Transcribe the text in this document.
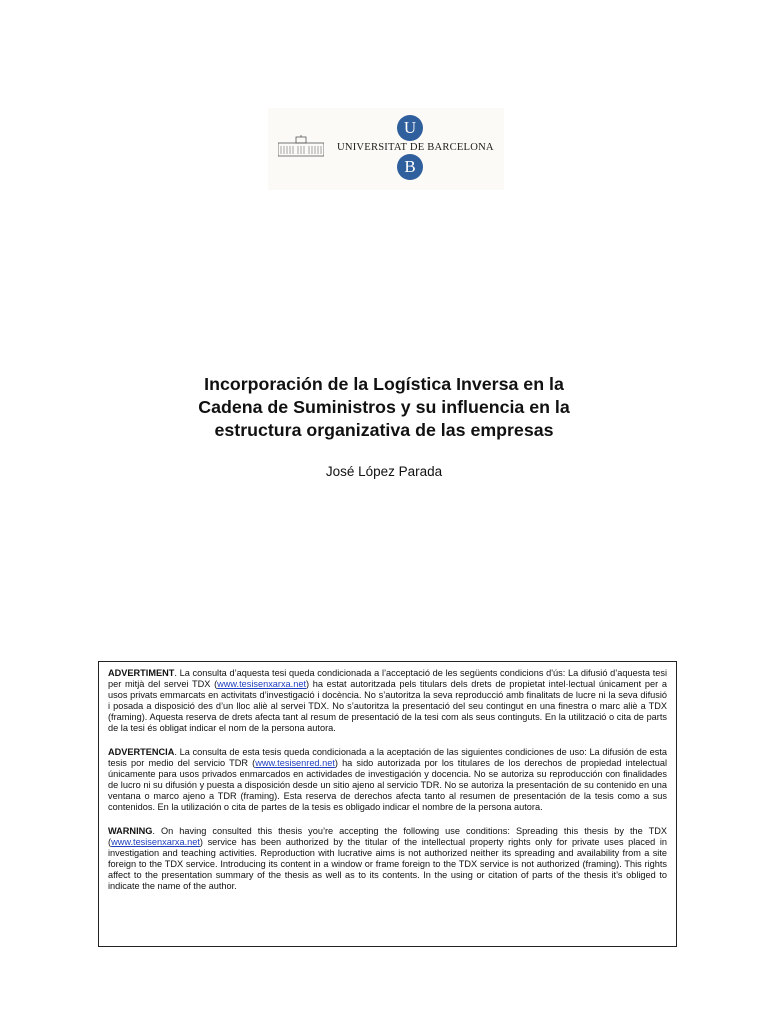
UNIVERSITAT DE BARCELONA
U
B
Incorporación de la Logística Inversa en la
Cadena de Suministros y su influencia en la
estructura organizativa de las empresas
José López Parada

ADVERTIMENT. La consulta d’aquesta tesi queda condicionada a l’acceptació de les següents condicions d'ús: La difusió d’aquesta tesi per mitjà del servei TDX (www.tesisenxarxa.net) ha estat autoritzada pels titulars dels drets de propietat intel·lectual únicament per a usos privats emmarcats en activitats d’investigació i docència. No s’autoritza la seva reproducció amb finalitats de lucre ni la seva difusió i posada a disposició des d’un lloc aliè al servei TDX. No s’autoritza la presentació del seu contingut en una finestra o marc aliè a TDX (framing). Aquesta reserva de drets afecta tant al resum de presentació de la tesi com als seus continguts. En la utilització o cita de parts de la tesi és obligat indicar el nom de la persona autora.

ADVERTENCIA. La consulta de esta tesis queda condicionada a la aceptación de las siguientes condiciones de uso: La difusión de esta tesis por medio del servicio TDR (www.tesisenred.net) ha sido autorizada por los titulares de los derechos de propiedad intelectual únicamente para usos privados enmarcados en actividades de investigación y docencia. No se autoriza su reproducción con finalidades de lucro ni su difusión y puesta a disposición desde un sitio ajeno al servicio TDR. No se autoriza la presentación de su contenido en una ventana o marco ajeno a TDR (framing). Esta reserva de derechos afecta tanto al resumen de presentación de la tesis como a sus contenidos. En la utilización o cita de partes de la tesis es obligado indicar el nombre de la persona autora.

WARNING. On having consulted this thesis you’re accepting the following use conditions: Spreading this thesis by the TDX (www.tesisenxarxa.net) service has been authorized by the titular of the intellectual property rights only for private uses placed in investigation and teaching activities. Reproduction with lucrative aims is not authorized neither its spreading and availability from a site foreign to the TDX service. Introducing its content in a window or frame foreign to the TDX service is not authorized (framing). This rights affect to the presentation summary of the thesis as well as to its contents. In the using or citation of parts of the thesis it’s obliged to indicate the name of the author.
